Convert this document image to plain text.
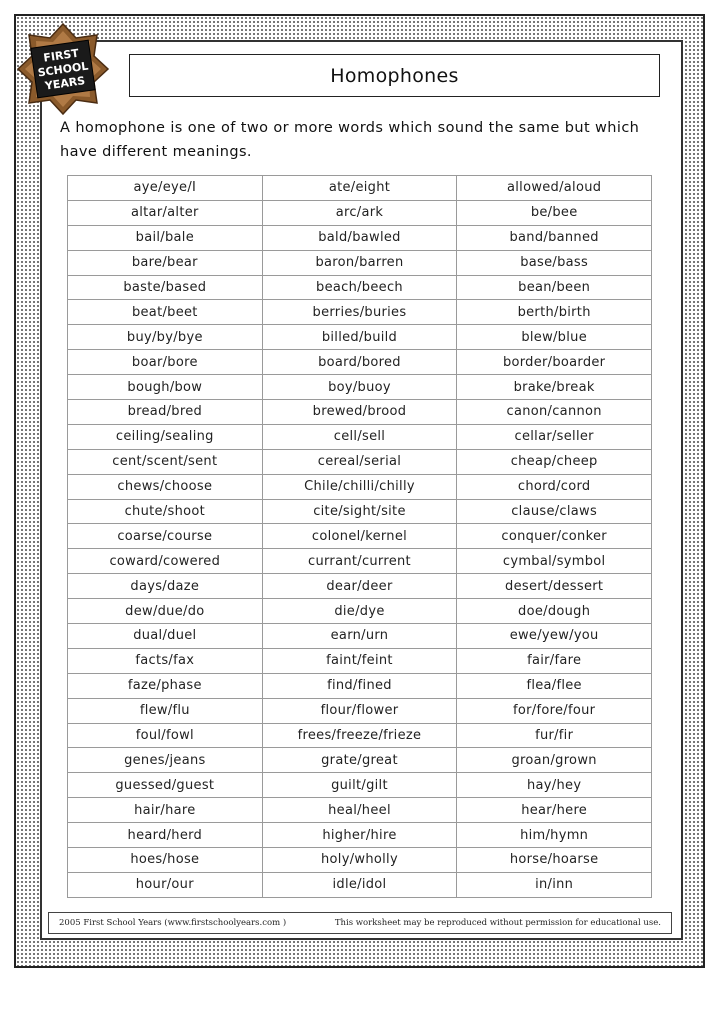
FIRST
SCHOOL
YEARS	Homophones

A homophone is one of two or more words which sound the same but which have different meanings.

aye/eye/I	ate/eight	allowed/aloud
altar/alter	arc/ark	be/bee
bail/bale	bald/bawled	band/banned
bare/bear	baron/barren	base/bass
baste/based	beach/beech	bean/been
beat/beet	berries/buries	berth/birth
buy/by/bye	billed/build	blew/blue
boar/bore	board/bored	border/boarder
bough/bow	boy/buoy	brake/break
bread/bred	brewed/brood	canon/cannon
ceiling/sealing	cell/sell	cellar/seller
cent/scent/sent	cereal/serial	cheap/cheep
chews/choose	Chile/chilli/chilly	chord/cord
chute/shoot	cite/sight/site	clause/claws
coarse/course	colonel/kernel	conquer/conker
coward/cowered	currant/current	cymbal/symbol
days/daze	dear/deer	desert/dessert
dew/due/do	die/dye	doe/dough
dual/duel	earn/urn	ewe/yew/you
facts/fax	faint/feint	fair/fare
faze/phase	find/fined	flea/flee
flew/flu	flour/flower	for/fore/four
foul/fowl	frees/freeze/frieze	fur/fir
genes/jeans	grate/great	groan/grown
guessed/guest	guilt/gilt	hay/hey
hair/hare	heal/heel	hear/here
heard/herd	higher/hire	him/hymn
hoes/hose	holy/wholly	horse/hoarse
hour/our	idle/idol	in/inn
2005 First School Years (www.firstschoolyears.com )	This worksheet may be reproduced without permission for educational use.
